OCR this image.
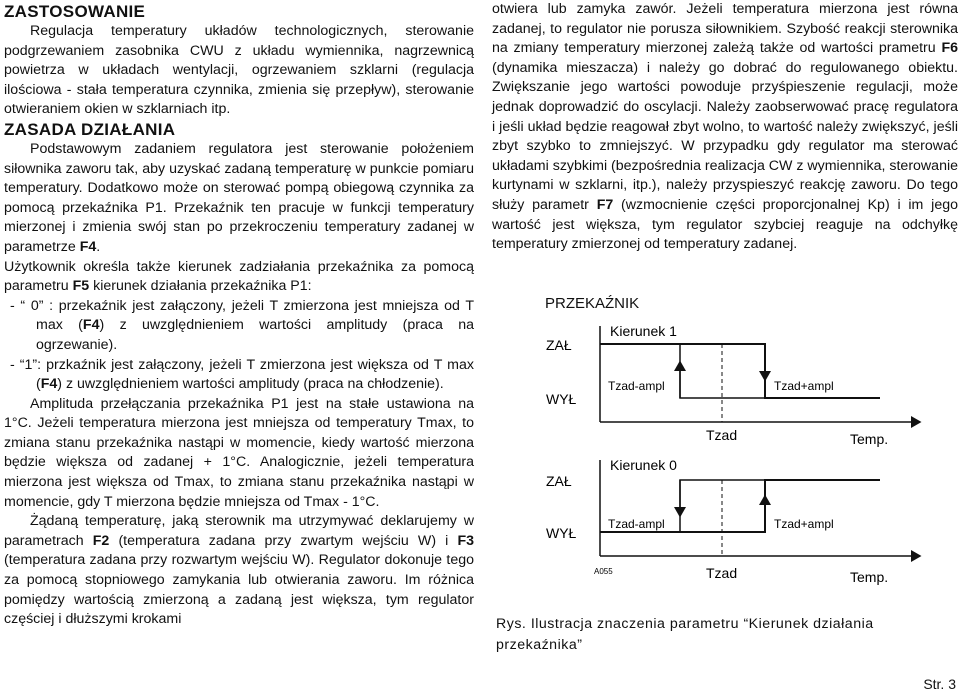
ZASTOSOWANIE

Regulacja temperatury układów technologicznych, sterowanie podgrzewaniem zasobnika CWU z układu wymiennika, nagrzewnicą powietrza w układach wentylacji, ogrzewaniem szklarni (regulacja ilościowa - stała temperatura czynnika, zmienia się przepływ), sterowanie otwieraniem okien w szklarniach itp.

ZASADA DZIAŁANIA

Podstawowym zadaniem regulatora jest sterowanie położeniem siłownika zaworu tak, aby uzyskać zadaną temperaturę w punkcie pomiaru temperatury. Dodatkowo może on sterować pompą obiegową czynnika za pomocą przekaźnika P1. Przekaźnik ten pracuje w funkcji temperatury mierzonej i zmienia swój stan po przekroczeniu temperatury zadanej w parametrze F4.

Użytkownik określa także kierunek zadziałania przekaźnika za pomocą parametru F5 kierunek działania przekaźnika P1:

- “ 0” : przekaźnik jest załączony, jeżeli T zmierzona jest mniejsza od T max (F4) z uwzględnieniem wartości amplitudy (praca na ogrzewanie).

- “1”: przkaźnik jest załączony, jeżeli T zmierzona jest większa od T max (F4) z uwzględnieniem wartości amplitudy (praca na chłodzenie).

Amplituda przełączania przekaźnika P1 jest na stałe ustawiona na 1°C. Jeżeli temperatura mierzona jest mniejsza od temperatury Tmax, to zmiana stanu przekaźnika nastąpi w momencie, kiedy wartość mierzona będzie większa od zadanej + 1°C. Analogicznie, jeżeli temperatura mierzona jest większa od Tmax, to zmiana stanu przekaźnika nastąpi w momencie, gdy T mierzona będzie mniejsza od Tmax - 1°C.

Żądaną temperaturę, jaką sterownik ma utrzymywać deklarujemy w parametrach F2 (temperatura zadana przy zwartym wejściu W) i F3 (temperatura zadana przy rozwartym wejściu W). Regulator dokonuje tego za pomocą stopniowego zamykania lub otwierania zaworu. Im różnica pomiędzy wartością zmierzoną a zadaną jest większa, tym regulator częściej i dłuższymi krokami

otwiera lub zamyka zawór. Jeżeli temperatura mierzona jest równa zadanej, to regulator nie porusza siłownikiem. Szybość reakcji sterownika na zmiany temperatury mierzonej zależą także od wartości prametru F6 (dynamika mieszacza) i należy go dobrać do regulowanego obiektu. Zwiększanie jego wartości powoduje przyśpieszenie regulacji, może jednak doprowadzić do oscylacji. Należy zaobserwować pracę regulatora i jeśli układ będzie reagował zbyt wolno, to wartość należy zwiększyć, jeśli zbyt szybko to zmniejszyć. W przypadku gdy regulator ma sterować układami szybkimi (bezpośrednia realizacja CW z wymiennika, sterowanie kurtynami w szklarni, itp.), należy przyspieszyć reakcję zaworu. Do tego służy parametr F7 (wzmocnienie części proporcjonalnej Kp) i im jego wartość jest większa, tym regulator szybciej reaguje na odchyłkę temperatury zmierzonej od temperatury zadanej.

PRZEKAŹNIK
Kierunek 1
ZAŁ
WYŁ
Tzad-ampl	Tzad+ampl
Tzad	Temp.
Kierunek 0
ZAŁ
WYŁ
Tzad-ampl	Tzad+ampl
Tzad	Temp.
A055
Rys. Ilustracja znaczenia parametru “Kierunek działania przekaźnika”
Str. 3
